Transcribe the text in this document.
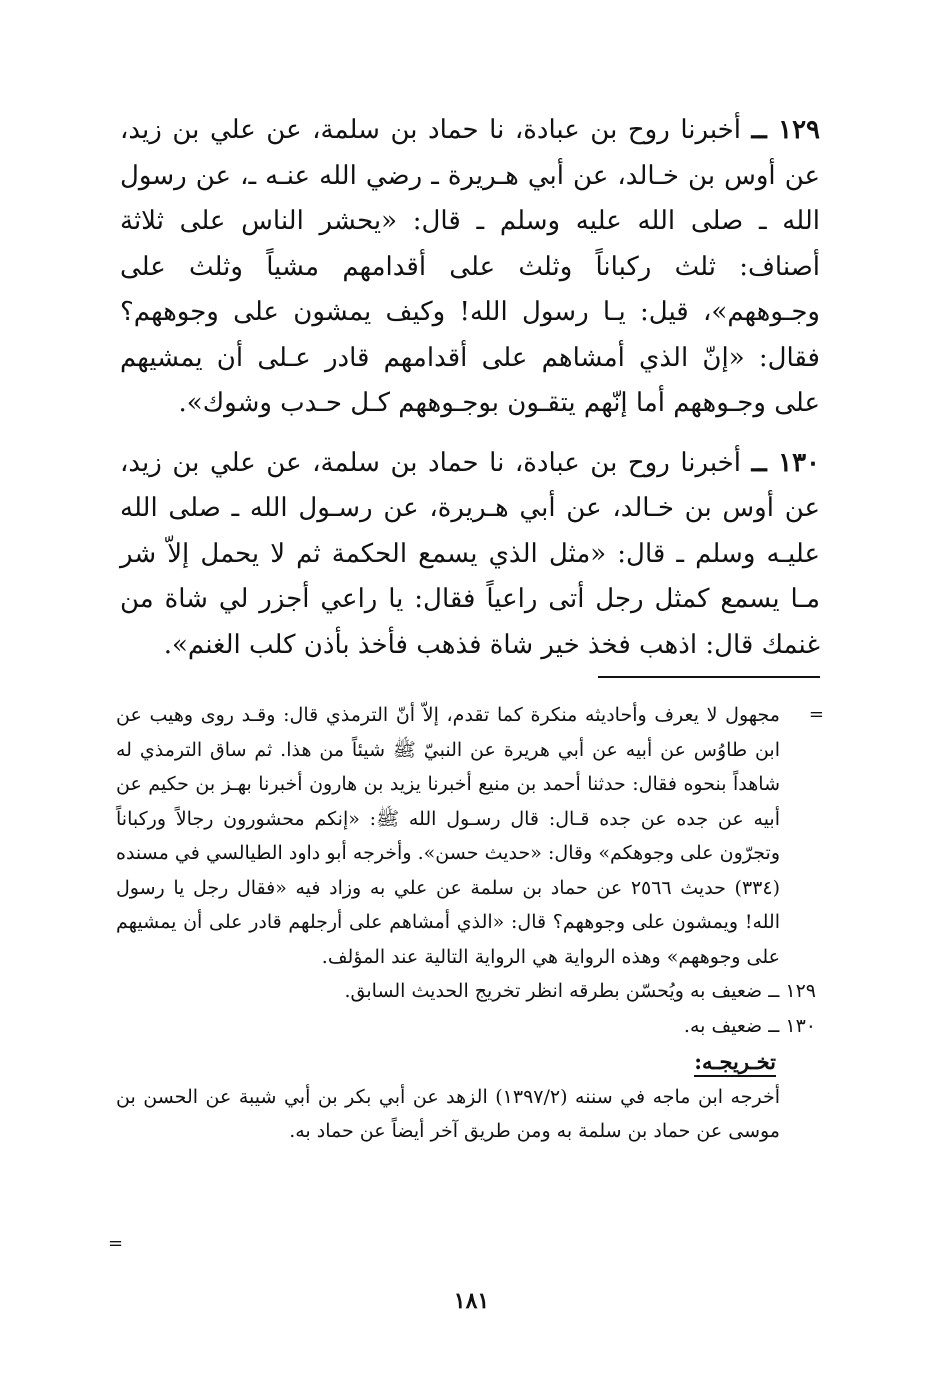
١٢٩ ــ أخبرنا روح بن عبادة، نا حماد بن سلمة، عن علي بن زيد، عن أوس بن خـالد، عن أبي هـريرة ـ رضي الله عنـه ـ، عن رسول الله ـ صلى الله عليه وسلم ـ قال: «يحشر الناس على ثلاثة أصناف: ثلث ركباناً وثلث على أقدامهم مشياً وثلث على وجـوههم»، قيل: يـا رسول الله! وكيف يمشون على وجوههم؟ فقال: «إنّ الذي أمشاهم على أقدامهم قادر عـلى أن يمشيهم على وجـوههم أما إنّهم يتقـون بوجـوههم كـل حـدب وشوك».

١٣٠ ــ أخبرنا روح بن عبادة، نا حماد بن سلمة، عن علي بن زيد، عن أوس بن خـالد، عن أبي هـريرة، عن رسـول الله ـ صلى الله عليـه وسلم ـ قال: «مثل الذي يسمع الحكمة ثم لا يحمل إلاّ شر مـا يسمع كمثل رجل أتى راعياً فقال: يا راعي أجزر لي شاة من غنمك قال: اذهب فخذ خير شاة فذهب فأخذ بأذن كلب الغنم».

=
مجهول لا يعرف وأحاديثه منكرة كما تقدم، إلاّ أنّ الترمذي قال: وقـد روى وهيب عن ابن طاوُس عن أبيه عن أبي هريرة عن النبيّ ﷺ شيئاً من هذا. ثم ساق الترمذي له شاهداً بنحوه فقال: حدثنا أحمد بن منيع أخبرنا يزيد بن هارون أخبرنا بهـز بن حكيم عن أبيه عن جده عن جده قـال: قال رسـول الله ﷺ: «إنكم محشورون رجالاً وركباناً وتجرّون على وجوهكم» وقال: «حديث حسن». وأخرجه أبو داود الطيالسي في مسنده (٣٣٤) حديث ٢٥٦٦ عن حماد بن سلمة عن علي به وزاد فيه «فقال رجل يا رسول الله! ويمشون على وجوههم؟ قال: «الذي أمشاهم على أرجلهم قادر على أن يمشيهم على وجوههم» وهذه الرواية هي الرواية التالية عند المؤلف.

١٢٩ ــ ضعيف به ويُحسّن بطرقه انظر تخريج الحديث السابق.

١٣٠ ــ ضعيف به.

تخـريجـه:

أخرجه ابن ماجه في سننه (١٣٩٧/٢) الزهد عن أبي بكر بن أبي شيبة عن الحسن بن موسى عن حماد بن سلمة به ومن طريق آخر أيضاً عن حماد به.

=
١٨١
